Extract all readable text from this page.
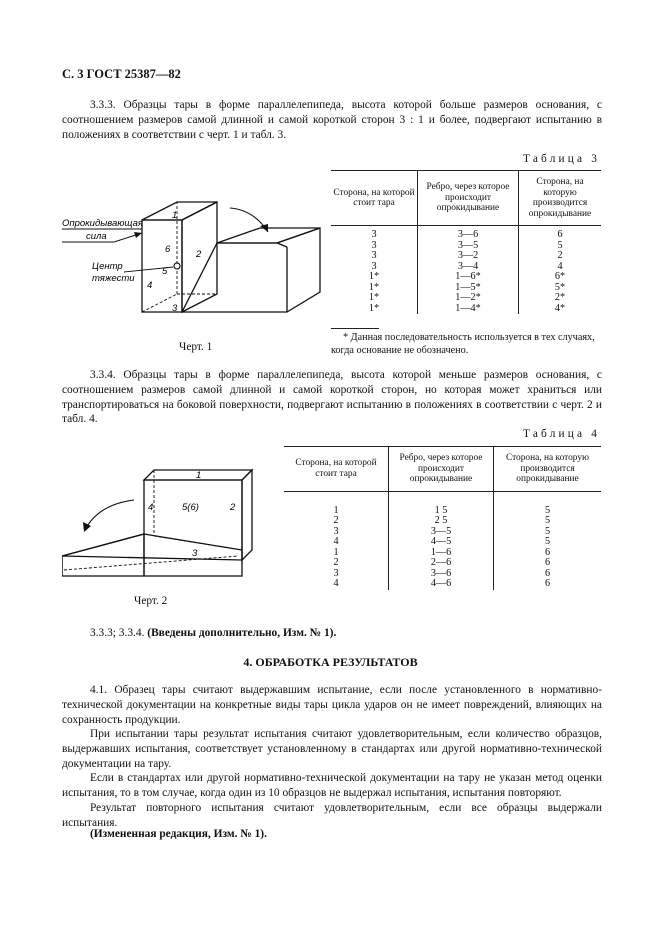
С. 3 ГОСТ 25387—82

3.3.3. Образцы тары в форме параллелепипеда, высота которой больше размеров основания, с соотношением размеров самой длинной и самой короткой сторон 3 : 1 и более, подвергают испытанию в положениях в соответствии с черт. 1 и табл. 3.

Опрокидывающая
сила
Центр
тяжести
1
6	2
5
4
3
Черт. 1
Таблица 3
Сторона, на которой стоит тара	Ребро, через которое происходит опрокидывание	Сторона, на которую производится опрокидывание

3	3—6	6
3	3—5	5
3	3—2	2
3	3—4	4
1*	1—6*	6*
1*	1—5*	5*
1*	1—2*	2*
1*	1—4*	4*
* Данная последовательность используется в тех случаях, когда основание не обозначено.

3.3.4. Образцы тары в форме параллелепипеда, высота которой меньше размеров основания, с соотношением размеров самой длинной и самой короткой сторон, но которая может храниться или транспортироваться на боковой поверхности, подвергают испытанию в положениях в соответствии с черт. 2 и табл. 4.

Таблица 4
Сторона, на которой стоит тара	Ребро, через которое происходит опрокидывание	Сторона, на которую производится опрокидывание

1	1 5	5
2	2 5	5
3	3—5	5
4	4—5	5
1	1—6	6
2	2—6	6
3	3—6	6
4	4—6	6
1
4	5(6)	2
3
Черт. 2
3.3.3; 3.3.4. (Введены дополнительно, Изм. № 1).
4. ОБРАБОТКА РЕЗУЛЬТАТОВ

4.1. Образец тары считают выдержавшим испытание, если после установленного в нормативно-технической документации на конкретные виды тары цикла ударов он не имеет повреждений, влияющих на сохранность продукции.

При испытании тары результат испытания считают удовлетворительным, если количество образцов, выдержавших испытания, соответствует установленному в стандартах или другой нормативно-технической документации на тару.

Если в стандартах или другой нормативно-технической документации на тару не указан метод оценки испытания, то в том случае, когда один из 10 образцов не выдержал испытания, испытания повторяют.

Результат повторного испытания считают удовлетворительным, если все образцы выдержали испытания.

(Измененная редакция, Изм. № 1).
